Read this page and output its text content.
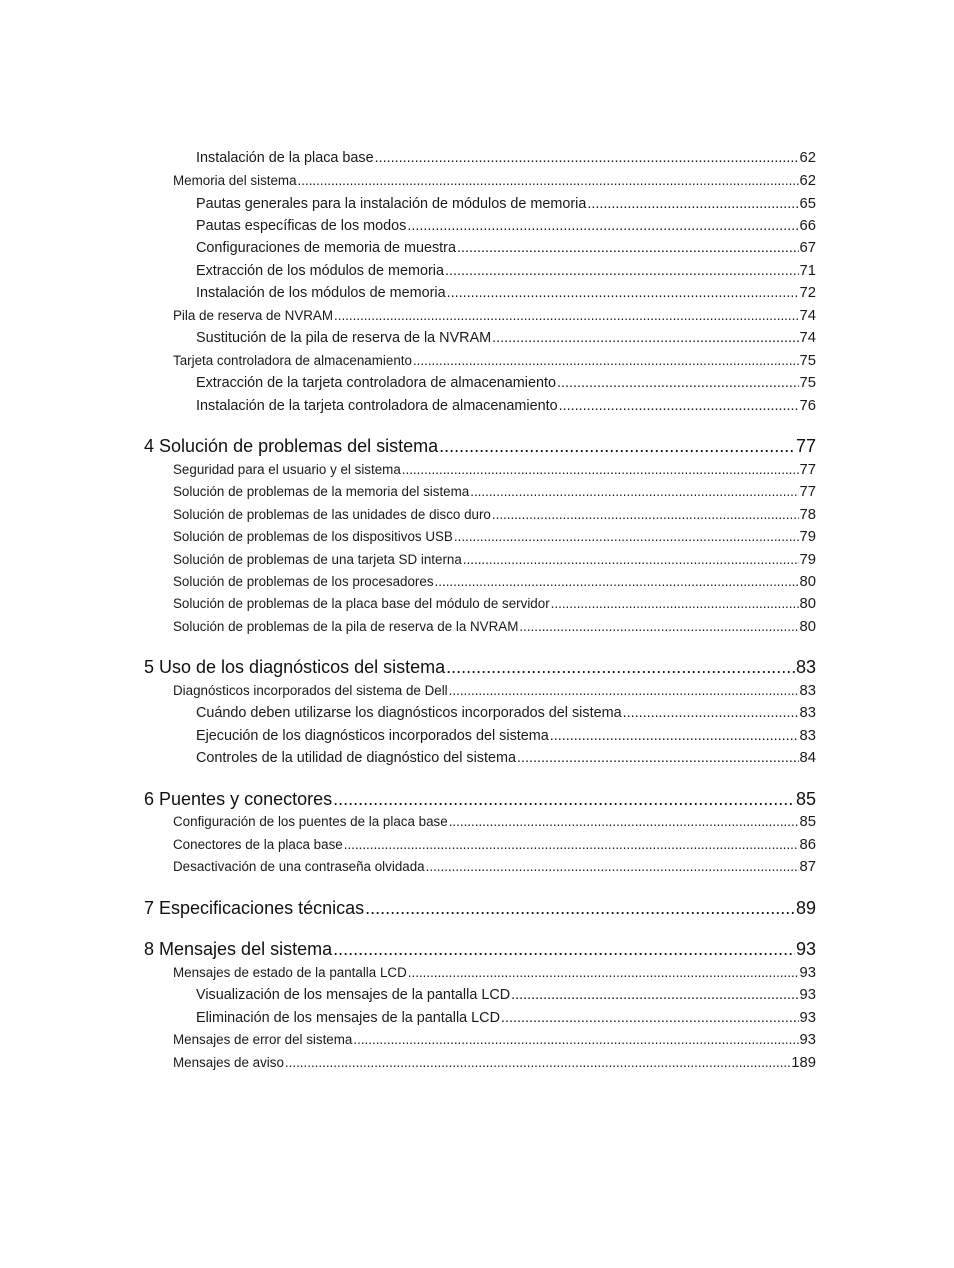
Instalación de la placa base .....	62
Memoria del sistema .....	62
Pautas generales para la instalación de módulos de memoria .....	65
Pautas específicas de los modos .....	66
Configuraciones de memoria de muestra .....	67
Extracción de los módulos de memoria .....	71
Instalación de los módulos de memoria .....	72
Pila de reserva de NVRAM .....	74
Sustitución de la pila de reserva de la NVRAM .....	74
Tarjeta controladora de almacenamiento .....	75
Extracción de la tarjeta controladora de almacenamiento .....	75
Instalación de la tarjeta controladora de almacenamiento .....	76
4 Solución de problemas del sistema .....	77
Seguridad para el usuario y el sistema .....	77
Solución de problemas de la memoria del sistema .....	77
Solución de problemas de las unidades de disco duro .....	78
Solución de problemas de los dispositivos USB .....	79
Solución de problemas de una tarjeta SD interna .....	79
Solución de problemas de los procesadores .....	80
Solución de problemas de la placa base del módulo de servidor .....	80
Solución de problemas de la pila de reserva de la NVRAM .....	80
5 Uso de los diagnósticos del sistema .....	83
Diagnósticos incorporados del sistema de Dell .....	83
Cuándo deben utilizarse los diagnósticos incorporados del sistema .....	83
Ejecución de los diagnósticos incorporados del sistema .....	83
Controles de la utilidad de diagnóstico del sistema .....	84
6 Puentes y conectores .....	85
Configuración de los puentes de la placa base .....	85
Conectores de la placa base .....	86
Desactivación de una contraseña olvidada .....	87
7 Especificaciones técnicas .....	89
8 Mensajes del sistema .....	93
Mensajes de estado de la pantalla LCD .....	93
Visualización de los mensajes de la pantalla LCD .....	93
Eliminación de los mensajes de la pantalla LCD .....	93
Mensajes de error del sistema .....	93
Mensajes de aviso .....	189
